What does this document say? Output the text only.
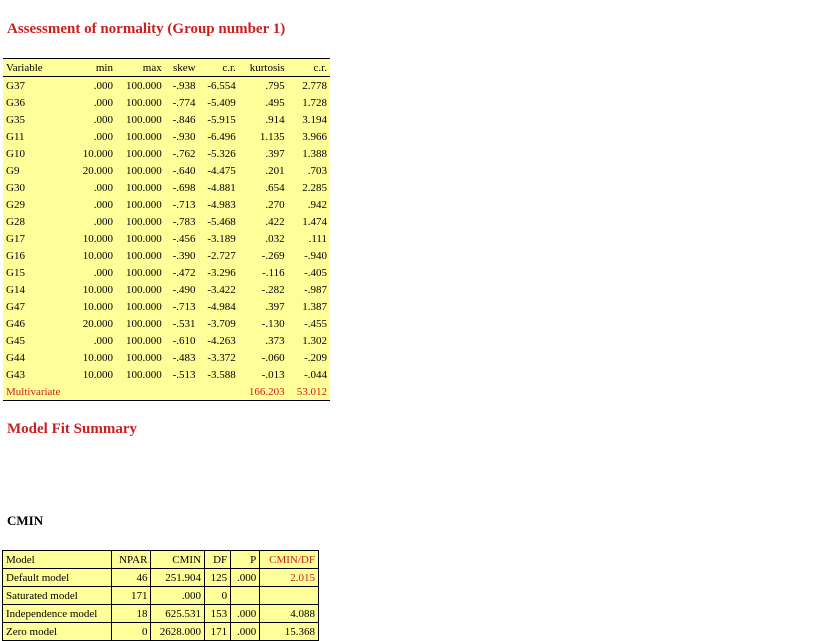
Assessment of normality (Group number 1)
Variable	min	max	skew	c.r.	kurtosis	c.r.
G37	.000	100.000	-.938	-6.554	.795	2.778
G36	.000	100.000	-.774	-5.409	.495	1.728
G35	.000	100.000	-.846	-5.915	.914	3.194
G11	.000	100.000	-.930	-6.496	1.135	3.966
G10	10.000	100.000	-.762	-5.326	.397	1.388
G9	20.000	100.000	-.640	-4.475	.201	.703
G30	.000	100.000	-.698	-4.881	.654	2.285
G29	.000	100.000	-.713	-4.983	.270	.942
G28	.000	100.000	-.783	-5.468	.422	1.474
G17	10.000	100.000	-.456	-3.189	.032	.111
G16	10.000	100.000	-.390	-2.727	-.269	-.940
G15	.000	100.000	-.472	-3.296	-.116	-.405
G14	10.000	100.000	-.490	-3.422	-.282	-.987
G47	10.000	100.000	-.713	-4.984	.397	1.387
G46	20.000	100.000	-.531	-3.709	-.130	-.455
G45	.000	100.000	-.610	-4.263	.373	1.302
G44	10.000	100.000	-.483	-3.372	-.060	-.209
G43	10.000	100.000	-.513	-3.588	-.013	-.044
Multivariate					166.203	53.012
Model Fit Summary
CMIN
Model	NPAR	CMIN	DF	P	CMIN/DF
Default model	46	251.904	125	.000	2.015
Saturated model	171	.000	0		
Independence model	18	625.531	153	.000	4.088
Zero model	0	2628.000	171	.000	15.368
